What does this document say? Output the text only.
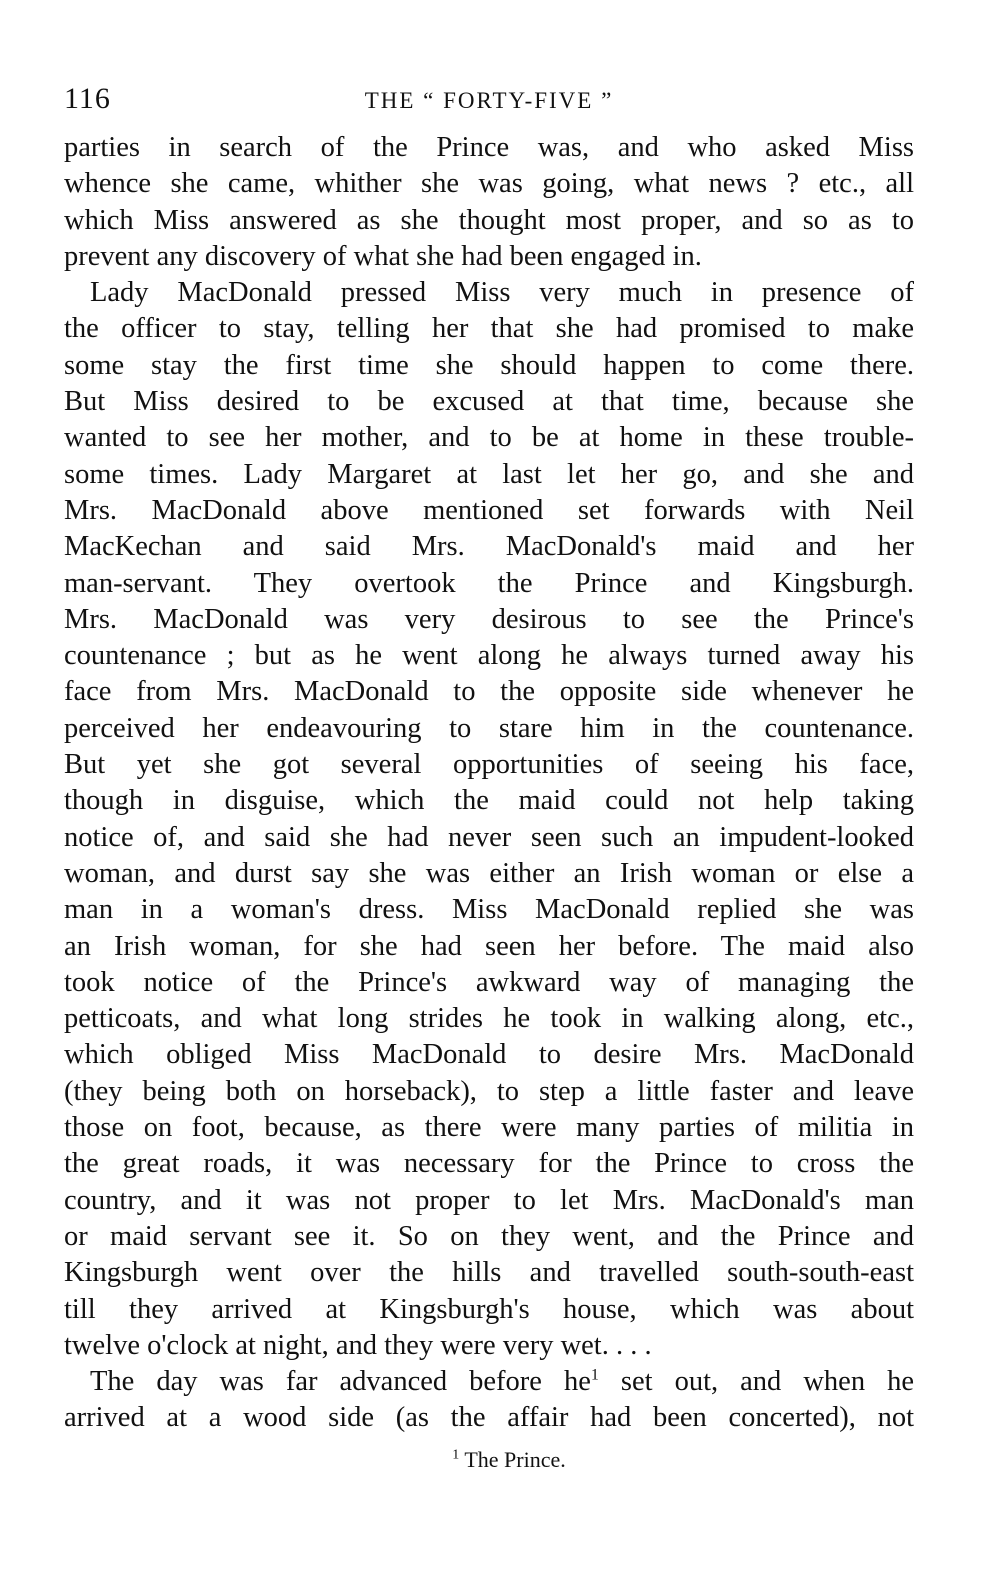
116	THE “ FORTY-FIVE ”

parties in search of the Prince was, and who asked Miss
whence she came, whither she was going, what news ? etc., all
which Miss answered as she thought most proper, and so as to
prevent any discovery of what she had been engaged in.

Lady MacDonald pressed Miss very much in presence of
the officer to stay, telling her that she had promised to make
some stay the first time she should happen to come there.
But Miss desired to be excused at that time, because she
wanted to see her mother, and to be at home in these trouble-
some times. Lady Margaret at last let her go, and she and
Mrs. MacDonald above mentioned set forwards with Neil
MacKechan and said Mrs. MacDonald's maid and her
man-servant. They overtook the Prince and Kingsburgh.
Mrs. MacDonald was very desirous to see the Prince's
countenance ; but as he went along he always turned away his
face from Mrs. MacDonald to the opposite side whenever he
perceived her endeavouring to stare him in the countenance.
But yet she got several opportunities of seeing his face,
though in disguise, which the maid could not help taking
notice of, and said she had never seen such an impudent-looked
woman, and durst say she was either an Irish woman or else a
man in a woman's dress. Miss MacDonald replied she was
an Irish woman, for she had seen her before. The maid also
took notice of the Prince's awkward way of managing the
petticoats, and what long strides he took in walking along, etc.,
which obliged Miss MacDonald to desire Mrs. MacDonald
(they being both on horseback), to step a little faster and leave
those on foot, because, as there were many parties of militia in
the great roads, it was necessary for the Prince to cross the
country, and it was not proper to let Mrs. MacDonald's man
or maid servant see it. So on they went, and the Prince and
Kingsburgh went over the hills and travelled south-south-east
till they arrived at Kingsburgh's house, which was about
twelve o'clock at night, and they were very wet. . . .

The day was far advanced before $he^1$ set out, and when he
arrived at a wood side (as the affair had been concerted), not

$^1$ The Prince.
